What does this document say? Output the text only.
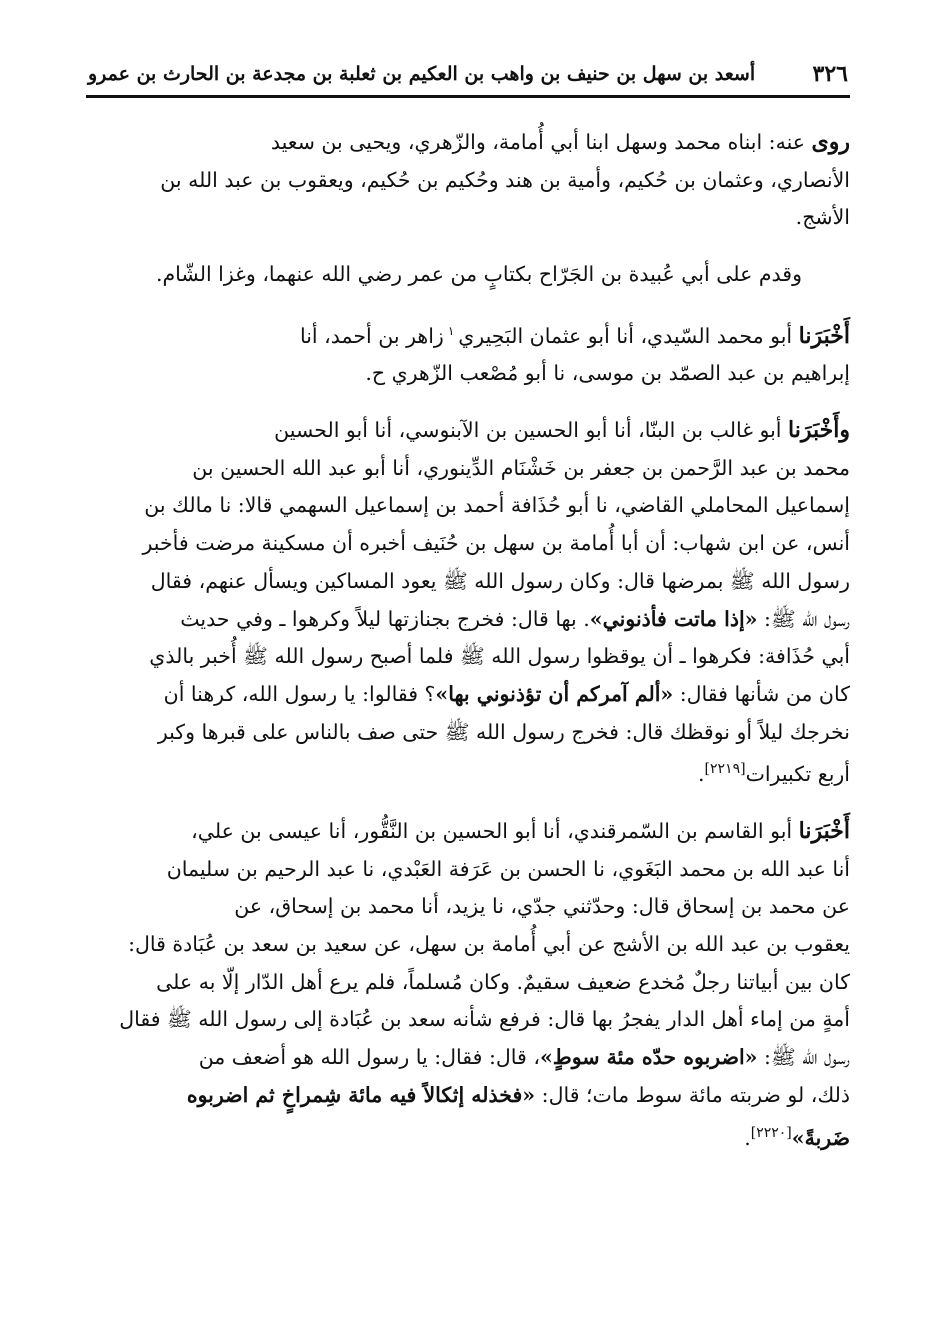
٣٢٦
أسعد بن سهل بن حنيف بن واهب بن العكيم بن ثعلبة بن مجدعة بن الحارث بن عمرو

روى عنه: ابناه محمد وسهل ابنا أبي أُمامة، والزّهري، ويحيى بن سعيد

الأنصاري، وعثمان بن حُكيم، وأمية بن هند وحُكيم بن حُكيم، ويعقوب بن عبد الله بن

الأشج.

وقدم على أبي عُبيدة بن الجَرّاح بكتابٍ من عمر رضي الله عنهما، وغزا الشّام.

أَخْبَرَنا أبو محمد السّيدي، أنا أبو عثمان البَحِيري$^١$زاهر بن أحمد، أنا

إبراهيم بن عبد الصمّد بن موسى، نا أبو مُصْعب الزّهري ح.

وأَخْبَرَنا أبو غالب بن البنّا، أنا أبو الحسين بن الآبنوسي، أنا أبو الحسين

محمد بن عبد الرَّحمن بن جعفر بن خَشْنَام الدِّينوري، أنا أبو عبد الله الحسين بن

إسماعيل المحاملي القاضي، نا أبو حُذَافة أحمد بن إسماعيل السهمي قالا: نا مالك بن

أنس، عن ابن شهاب: أن أبا أُمامة بن سهل بن حُنَيف أخبره أن مسكينة مرضت فأخبر

رسول الله ﷺ بمرضها قال: وكان رسول الله ﷺ يعود المساكين ويسأل عنهم، فقال

رسول الله ﷺ: «إذا ماتت فأذنوني». بها قال: فخرج بجنازتها ليلاً وكرهوا ـ وفي حديث

أبي حُذَافة: فكرهوا ـ أن يوقظوا رسول الله ﷺ فلما أصبح رسول الله ﷺ أُخبر بالذي

كان من شأنها فقال: «ألم آمركم أن تؤذنوني بها»؟ فقالوا: يا رسول الله، كرهنا أن

نخرجك ليلاً أو نوقظك قال: فخرج رسول الله ﷺ حتى صف بالناس على قبرها وكبر

أربع تكبيرات[٢٢١٩].

أَخْبَرَنا أبو القاسم بن السّمرقندي، أنا أبو الحسين بن النَّقُّور، أنا عيسى بن علي،

أنا عبد الله بن محمد البَغَوي، نا الحسن بن عَرَفة العَبْدي، نا عبد الرحيم بن سليمان

عن محمد بن إسحاق قال: وحدّثني جدّي، نا يزيد، أنا محمد بن إسحاق، عن

يعقوب بن عبد الله بن الأشج عن أبي أُمامة بن سهل، عن سعيد بن سعد بن عُبَادة قال:

كان بين أبياتنا رجلٌ مُخدع ضعيف سقيمٌ. وكان مُسلماً، فلم يرع أهل الدّار إلّا به على

أمةٍ من إماء أهل الدار يفجرُ بها قال: فرفع شأنه سعد بن عُبَادة إلى رسول الله ﷺ فقال

رسول الله ﷺ: «اضربوه حدّه مئة سوطٍ»، قال: فقال: يا رسول الله هو أضعف من

ذلك، لو ضربته مائة سوط مات؛ قال: «فخذله إثكالاً فيه مائة شِمراخٍ ثم اضربوه

ضَربةً»[٢٢٢٠].
